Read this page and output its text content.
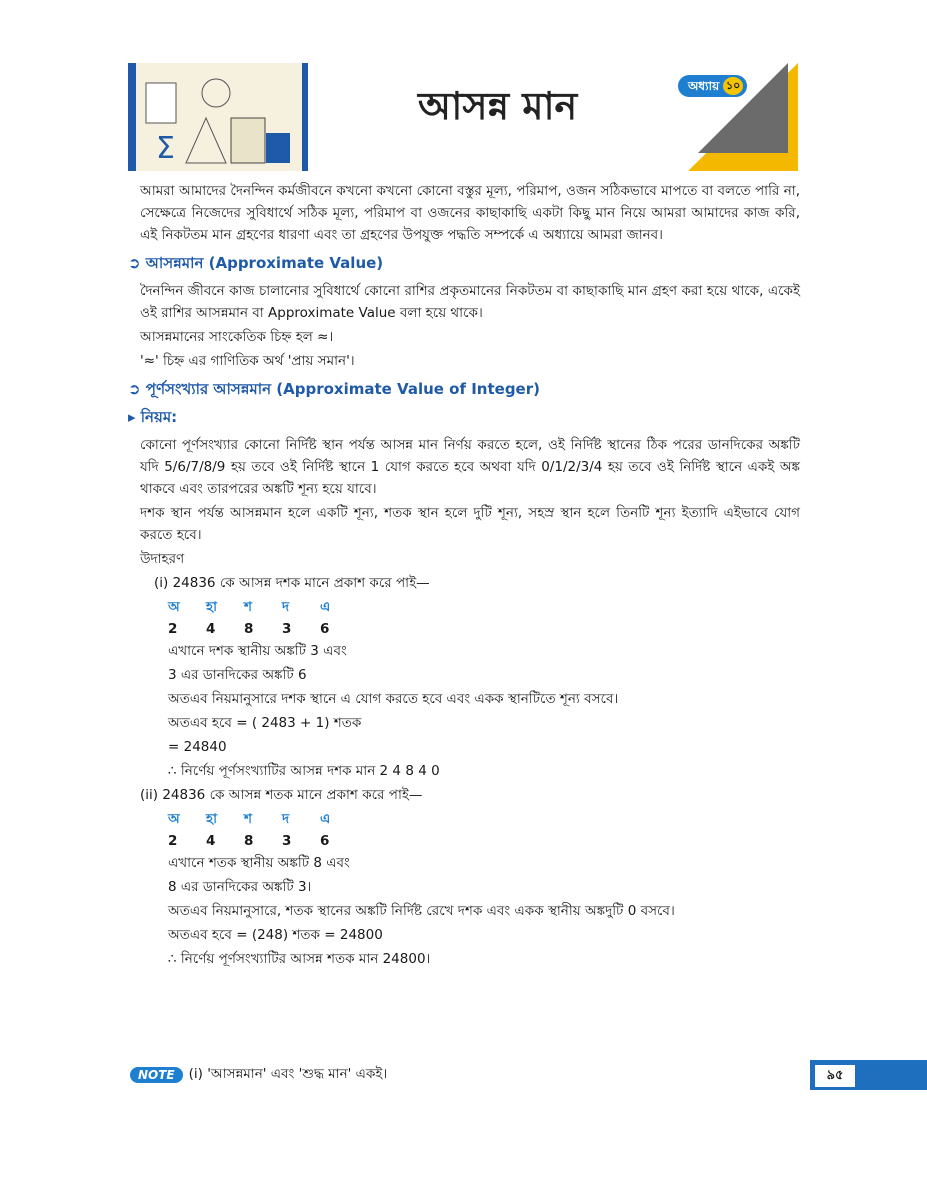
Σ
আসন্ন মান	অধ্যায় ১০

আমরা আমাদের দৈনন্দিন কর্মজীবনে কখনো কখনো কোনো বস্তুর মূল্য, পরিমাপ, ওজন সঠিকভাবে মাপতে বা বলতে পারি না, সেক্ষেত্রে নিজেদের সুবিধার্থে সঠিক মূল্য, পরিমাপ বা ওজনের কাছাকাছি একটা কিছু মান নিয়ে আমরা আমাদের কাজ করি, এই নিকটতম মান গ্রহণের ধারণা এবং তা গ্রহণের উপযুক্ত পদ্ধতি সম্পর্কে এ অধ্যায়ে আমরা জানব।

➲ আসন্নমান (Approximate Value)

দৈনন্দিন জীবনে কাজ চালানোর সুবিধার্থে কোনো রাশির প্রকৃতমানের নিকটতম বা কাছাকাছি মান গ্রহণ করা হয়ে থাকে, একেই ওই রাশির আসন্নমান বা Approximate Value বলা হয়ে থাকে।

আসন্নমানের সাংকেতিক চিহ্ন হল ≈।

'≈' চিহ্ন এর গাণিতিক অর্থ 'প্রায় সমান'।

➲ পূর্ণসংখ্যার আসন্নমান (Approximate Value of Integer)
▸ নিয়ম:

কোনো পূর্ণসংখ্যার কোনো নির্দিষ্ট স্থান পর্যন্ত আসন্ন মান নির্ণয় করতে হলে, ওই নির্দিষ্ট স্থানের ঠিক পরের ডানদিকের অঙ্কটি যদি 5/6/7/8/9 হয় তবে ওই নির্দিষ্ট স্থানে 1 যোগ করতে হবে অথবা যদি 0/1/2/3/4 হয় তবে ওই নির্দিষ্ট স্থানে একই অঙ্ক থাকবে এবং তারপরের অঙ্কটি শূন্য হয়ে যাবে।

দশক স্থান পর্যন্ত আসন্নমান হলে একটি শূন্য, শতক স্থান হলে দুটি শূন্য, সহস্র স্থান হলে তিনটি শূন্য ইত্যাদি এইভাবে যোগ করতে হবে।

উদাহরণ

(i) 24836 কে আসন্ন দশক মানে প্রকাশ করে পাই—

অ	হা	শ	দ	এ
2	4	8	3	6

এখানে দশক স্থানীয় অঙ্কটি 3 এবং

3 এর ডানদিকের অঙ্কটি 6

অতএব নিয়মানুসারে দশক স্থানে এ যোগ করতে হবে এবং একক স্থানটিতে শূন্য বসবে।

অতএব হবে = ( 2483 + 1) শতক

= 24840

∴ নির্ণেয় পূর্ণসংখ্যাটির আসন্ন দশক মান 2 4 8 4 0

(ii) 24836 কে আসন্ন শতক মানে প্রকাশ করে পাই—

অ	হা	শ	দ	এ
2	4	8	3	6

এখানে শতক স্থানীয় অঙ্কটি 8 এবং

8 এর ডানদিকের অঙ্কটি 3।

অতএব নিয়মানুসারে, শতক স্থানের অঙ্কটি নির্দিষ্ট রেখে দশক এবং একক স্থানীয় অঙ্কদুটি 0 বসবে।

অতএব হবে = (248) শতক = 24800

∴ নির্ণেয় পূর্ণসংখ্যাটির আসন্ন শতক মান 24800।

NOTE	(i) 'আসন্নমান' এবং 'শুদ্ধ মান' একই।	৯৫
